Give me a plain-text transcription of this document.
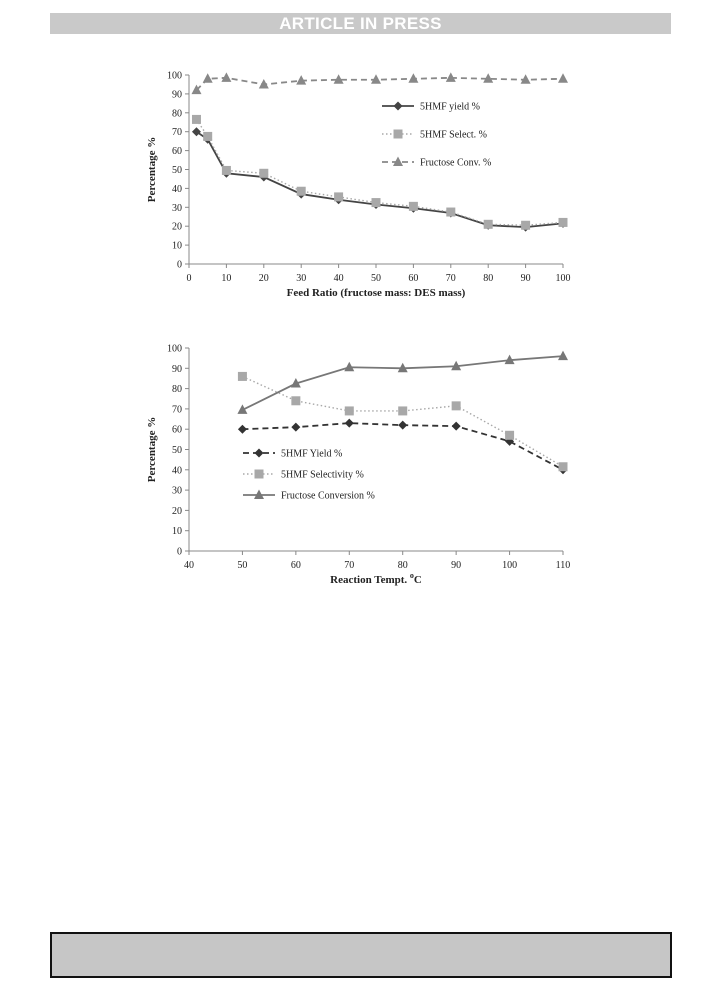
ARTICLE IN PRESS
0
10
20
30
40
50
60
70
80
90
100
0	10	20	30	40	50	60	70	80	90 100
Feed Ratio (fructose mass: DES mass)
Percentage %
5HMF yield %
5HMF Select. %
Fructose Conv. %
0
10
20
30
40
50
60
70
80
90
100
40	50	60	70	80	90	100	110
Reaction Tempt. $^o$C
Percentage %	5HMF Yield %
5HMF Selectivity %
Fructose Conversion %
